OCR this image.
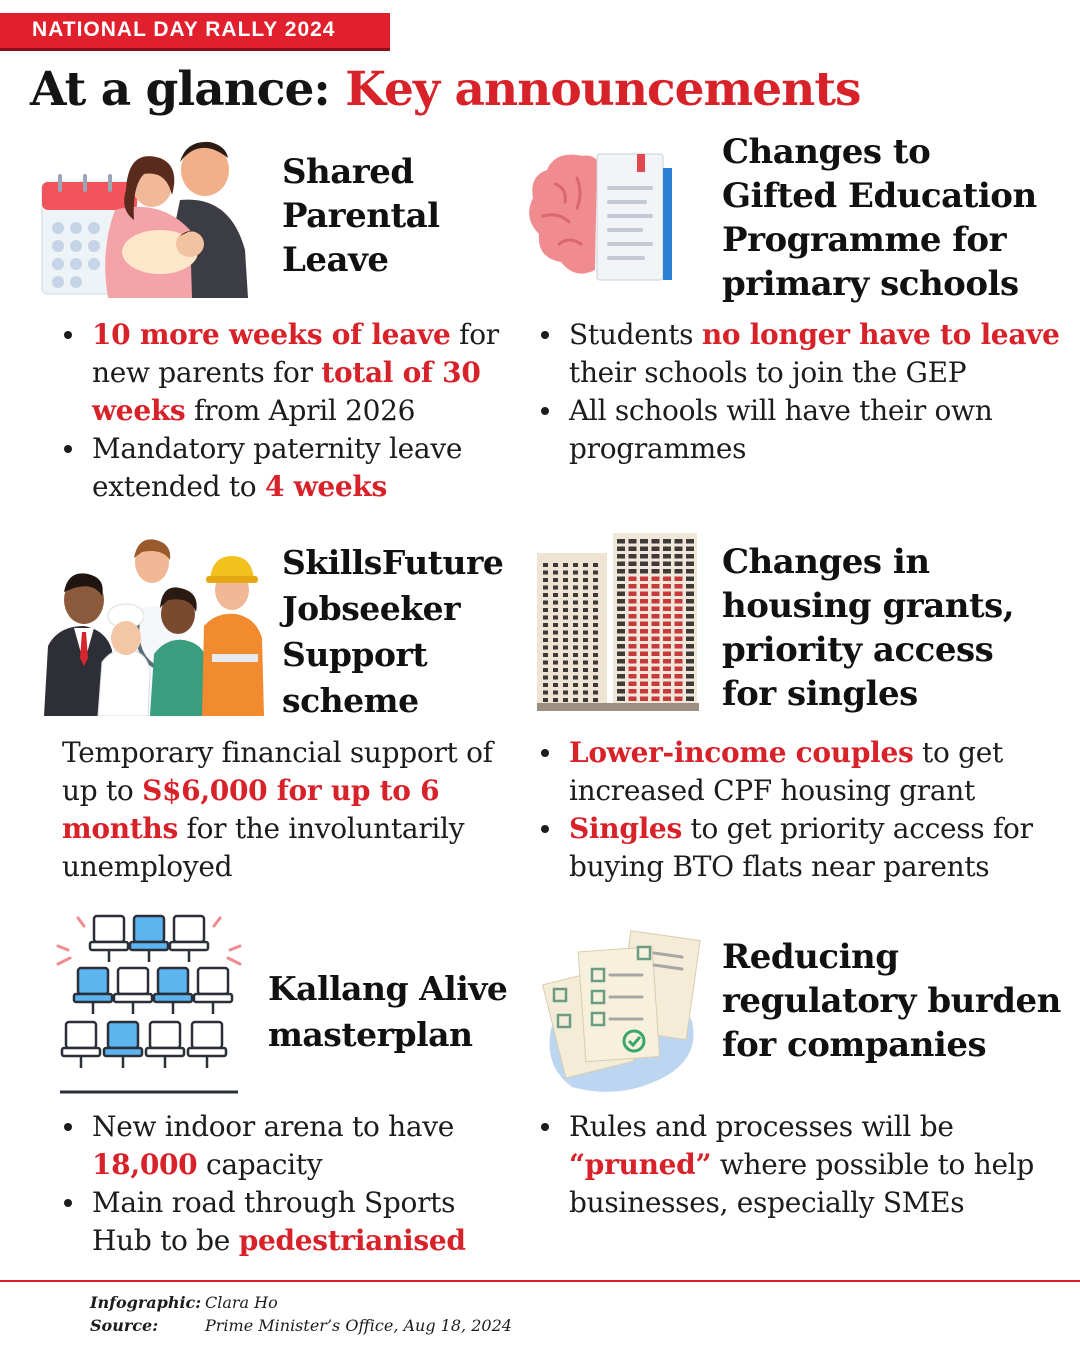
NATIONAL DAY RALLY 2024
At a glance: Key announcements
Shared
Parental
Leave
10 more weeks of leave for new parents for total of 30 weeks from April 2026
Mandatory paternity leave extended to 4 weeks
Changes to
Gifted Education
Programme for
primary schools
Students no longer have to leave their schools to join the GEP
All schools will have their own programmes
SkillsFuture
Jobseeker
Support
scheme

Temporary financial support of up to S$6,000 for up to 6 months for the involuntarily unemployed

Changes in
housing grants,
priority access
for singles
Lower-income couples to get increased CPF housing grant
Singles to get priority access for buying BTO flats near parents
Kallang Alive
masterplan
New indoor arena to have 18,000 capacity
Main road through Sports Hub to be pedestrianised
Reducing
regulatory burden
for companies
Rules and processes will be “pruned” where possible to help businesses, especially SMEs
Infographic: Clara Ho
Source:	Prime Minister’s Office, Aug 18, 2024
